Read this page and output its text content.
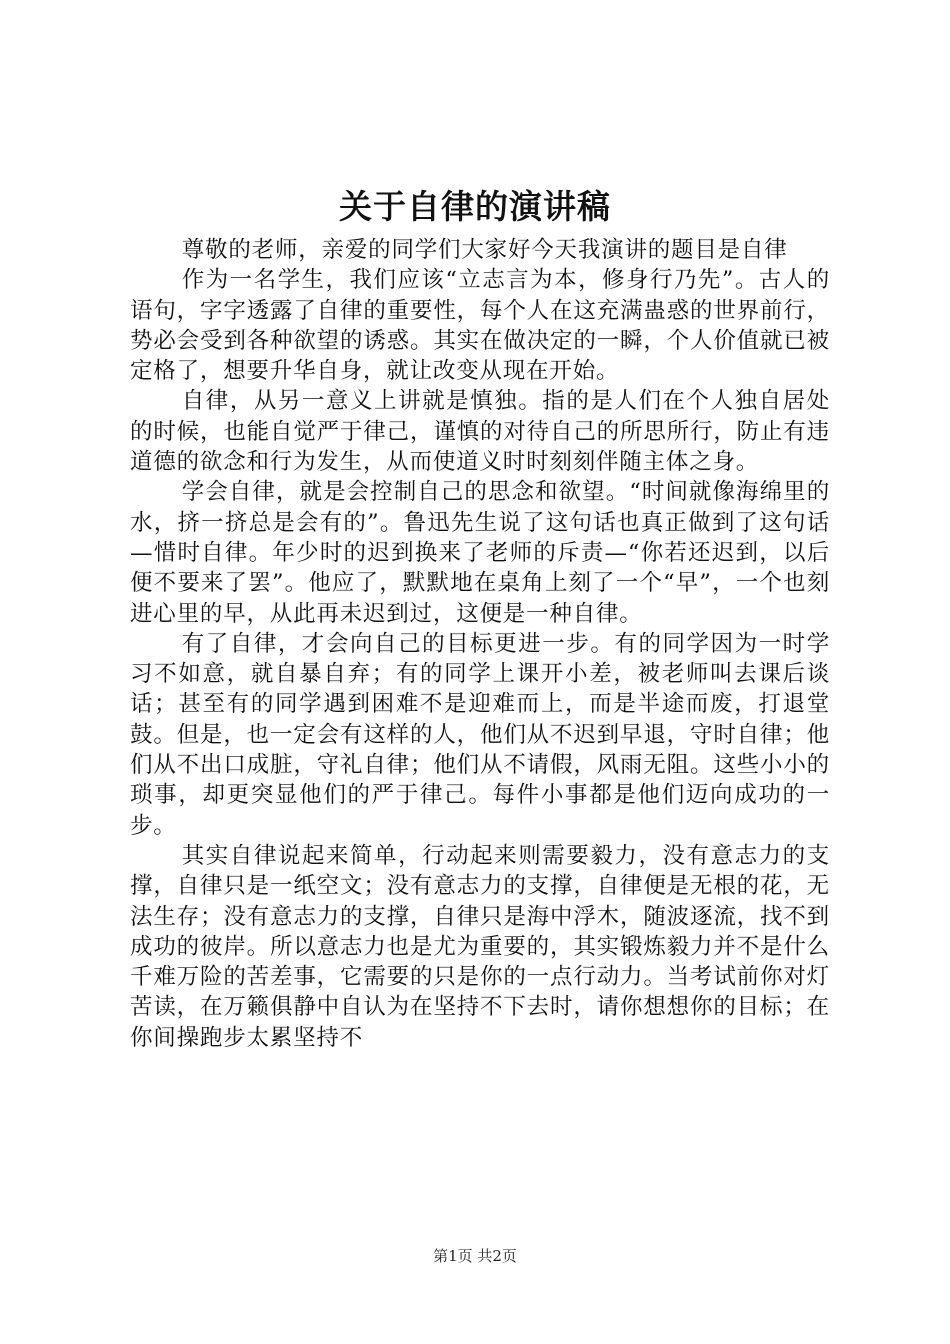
关于自律的演讲稿

尊敬的老师，亲爱的同学们大家好今天我演讲的题目是自律

作为一名学生，我们应该“立志言为本，修身行乃先”。古人的语句，字字透露了自律的重要性，每个人在这充满蛊惑的世界前行，势必会受到各种欲望的诱惑。其实在做决定的一瞬，个人价值就已被定格了，想要升华自身，就让改变从现在开始。

自律，从另一意义上讲就是慎独。指的是人们在个人独自居处的时候，也能自觉严于律己，谨慎的对待自己的所思所行，防止有违道德的欲念和行为发生，从而使道义时时刻刻伴随主体之身。

学会自律，就是会控制自己的思念和欲望。“时间就像海绵里的水，挤一挤总是会有的”。鲁迅先生说了这句话也真正做到了这句话—惜时自律。年少时的迟到换来了老师的斥责—“你若还迟到，以后便不要来了罢”。他应了，默默地在桌角上刻了一个“早”，一个也刻进心里的早，从此再未迟到过，这便是一种自律。

有了自律，才会向自己的目标更进一步。有的同学因为一时学习不如意，就自暴自弃；有的同学上课开小差，被老师叫去课后谈话；甚至有的同学遇到困难不是迎难而上，而是半途而废，打退堂鼓。但是，也一定会有这样的人，他们从不迟到早退，守时自律；他们从不出口成脏，守礼自律；他们从不请假，风雨无阻。这些小小的琐事，却更突显他们的严于律己。每件小事都是他们迈向成功的一步。

其实自律说起来简单，行动起来则需要毅力，没有意志力的支撑，自律只是一纸空文；没有意志力的支撑，自律便是无根的花，无法生存；没有意志力的支撑，自律只是海中浮木，随波逐流，找不到成功的彼岸。所以意志力也是尤为重要的，其实锻炼毅力并不是什么千难万险的苦差事，它需要的只是你的一点行动力。当考试前你对灯苦读，在万籁俱静中自认为在坚持不下去时，请你想想你的目标；在你间操跑步太累坚持不

第1页 共2页
